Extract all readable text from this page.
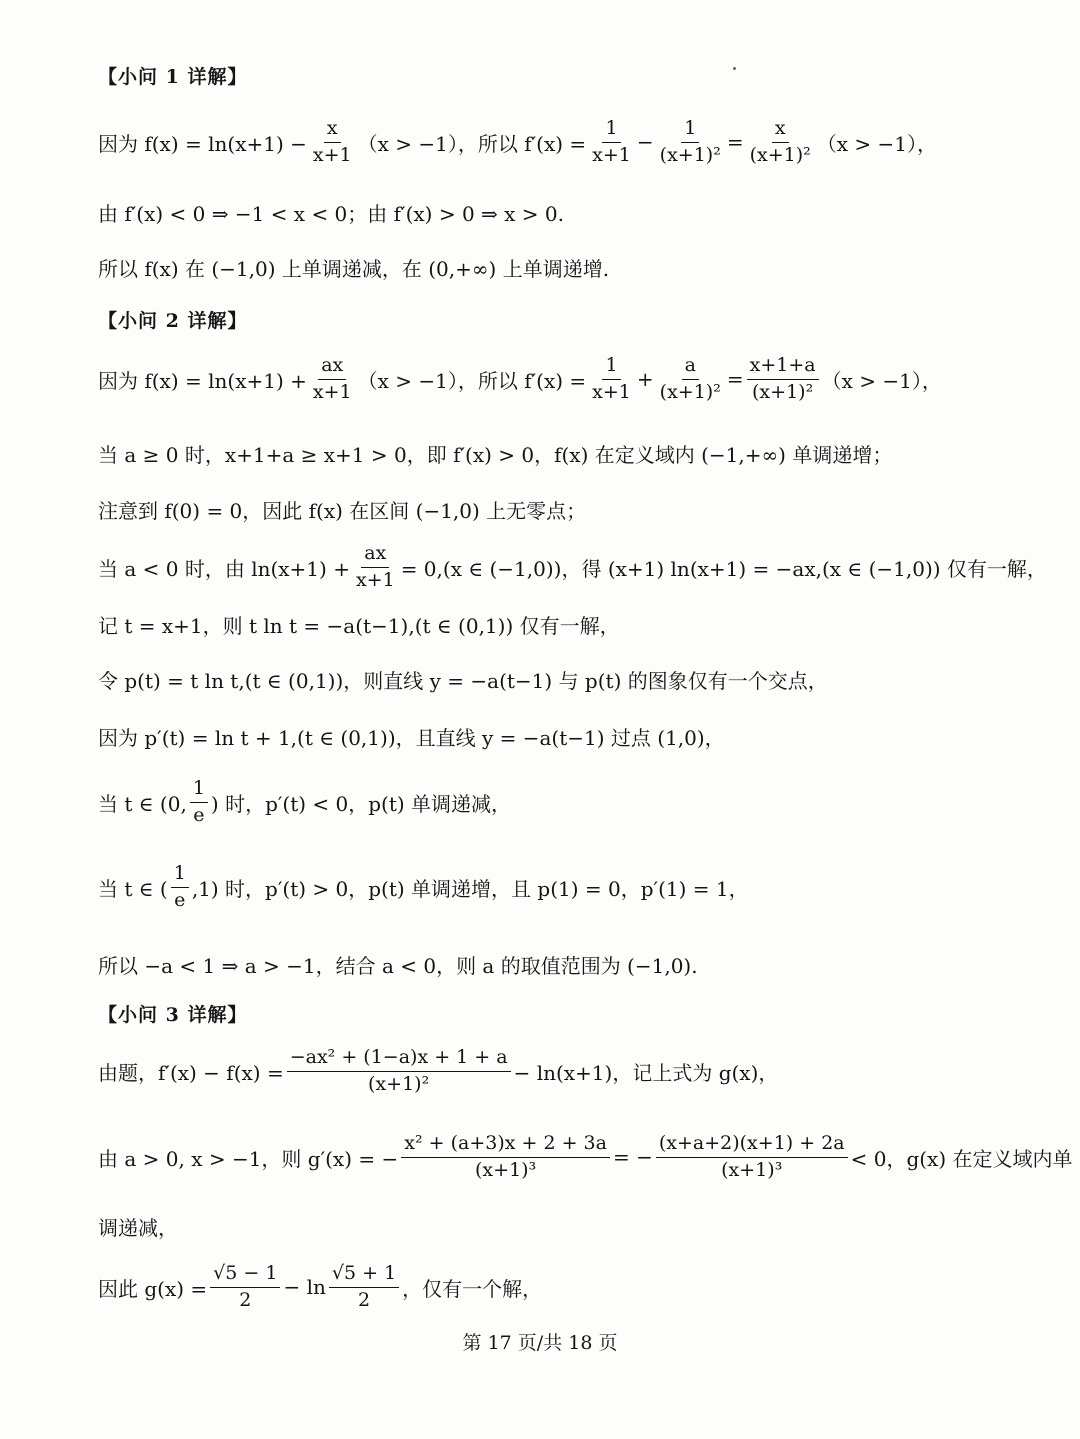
【小问 1 详解】
因为 $f(x) = \ln(x+1) - \frac{x}{x+1} (x > -1)$，所以 $f'(x) = \frac{1}{x+1} - \frac{1}{\text{(x+1)²}} = \frac{x}{\text{(x+1)²}} (x > -1)$，
由 f′(x) < 0 ⇒ −1 < x < 0；由 f′(x) > 0 ⇒ x > 0.
所以 f(x) 在 (−1,0) 上单调递减，在 (0,+∞) 上单调递增.
【小问 2 详解】
因为 $f(x) = \ln(x+1) + \frac{ax}{x+1} (x > -1)$，所以 $f'(x) = \frac{1}{x+1} + \frac{a}{\text{(x+1)²}} = \frac{x+1+a}{\text{(x+1)²}} (x > -1)$，
当 a ≥ 0 时，x+1+a ≥ x+1 > 0，即 f′(x) > 0，f(x) 在定义域内 (−1,+∞) 单调递增；
注意到 f(0) = 0，因此 f(x) 在区间 (−1,0) 上无零点；
当 a < 0 时，由 $\ln(x+1) + \frac{ax}{x+1} = 0,(x$ ∈ (−1,0))，得 (x+1) ln(x+1) = −ax,(x ∈ (−1,0)) 仅有一解，
记 t = x+1，则 t ln t = −a(t−1),(t ∈ (0,1)) 仅有一解，
令 p(t) = t ln t,(t ∈ (0,1))，则直线 y = −a(t−1) 与 p(t) 的图象仅有一个交点，
因为 p′(t) = ln t + 1,(t ∈ (0,1))，且直线 y = −a(t−1) 过点 (1,0)，
当 t ∈ (0, $\frac{1}{e}$ ) 时，p′(t) < 0，p(t) 单调递减，
当 t ∈ ( $\frac{1}{e} ,1$) 时，p′(t) > 0，p(t) 单调递增，且 p(1) = 0，p′(1) = 1，
所以 −a < 1 ⇒ a > −1，结合 a < 0，则 a 的取值范围为 (−1,0).
【小问 3 详解】
由题，$f'(x) - f(x) = \frac{\text{−ax² + (1−a)x + 1 + a}}{\text{(x+1)²}} - \ln(x+1)$，记上式为 g(x)，
由 a > 0, x > −1，则 g′(x) = − $\frac{\text{x² + (a+3)x + 2 + 3a}}{\text{(x+1)³}}$ = − $\frac{(x+a+2)(x+1) + 2a}{\text{(x+1)³}} < 0$，g(x) 在定义域内单
调递减，
因此 $g(x) = \frac{√5 - 1}{2} - \ln \frac{√5 + 1}{2}$ ，仅有一个解，
第 17 页/共 18 页
